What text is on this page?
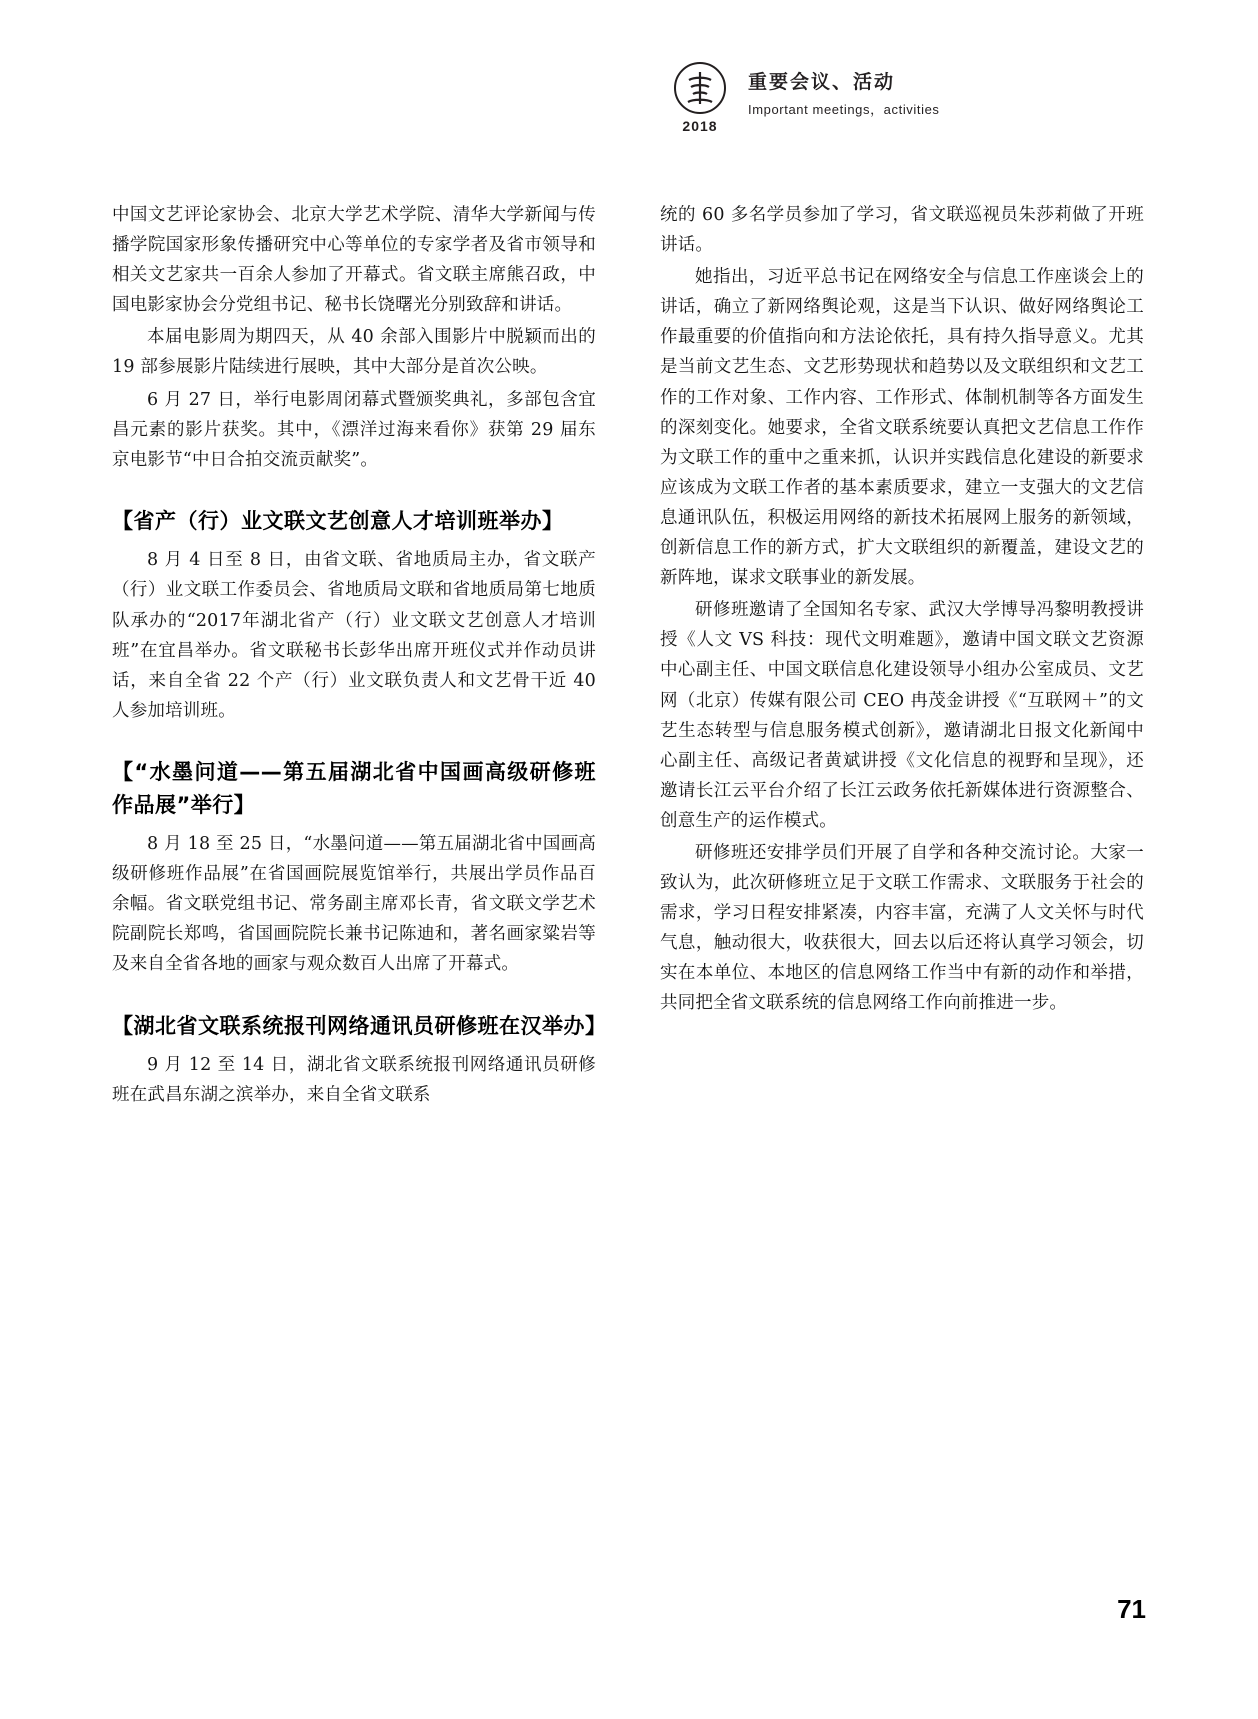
2018
重要会议、活动
Important meetings，activities

中国文艺评论家协会、北京大学艺术学院、清华大学新闻与传播学院国家形象传播研究中心等单位的专家学者及省市领导和相关文艺家共一百余人参加了开幕式。省文联主席熊召政，中国电影家协会分党组书记、秘书长饶曙光分别致辞和讲话。

本届电影周为期四天，从 40 余部入围影片中脱颖而出的 19 部参展影片陆续进行展映，其中大部分是首次公映。

6 月 27 日，举行电影周闭幕式暨颁奖典礼，多部包含宜昌元素的影片获奖。其中，《漂洋过海来看你》获第 29 届东京电影节“中日合拍交流贡献奖”。

【省产（行）业文联文艺创意人才培训班举办】

8 月 4 日至 8 日，由省文联、省地质局主办，省文联产（行）业文联工作委员会、省地质局文联和省地质局第七地质队承办的“2017年湖北省产（行）业文联文艺创意人才培训班”在宜昌举办。省文联秘书长彭华出席开班仪式并作动员讲话，来自全省 22 个产（行）业文联负责人和文艺骨干近 40 人参加培训班。

【“水墨问道——第五届湖北省中国画高级研修班作品展”举行】

8 月 18 至 25 日，“水墨问道——第五届湖北省中国画高级研修班作品展”在省国画院展览馆举行，共展出学员作品百余幅。省文联党组书记、常务副主席邓长青，省文联文学艺术院副院长郑鸣，省国画院院长兼书记陈迪和，著名画家粱岩等及来自全省各地的画家与观众数百人出席了开幕式。

【湖北省文联系统报刊网络通讯员研修班在汉举办】

9 月 12 至 14 日，湖北省文联系统报刊网络通讯员研修班在武昌东湖之滨举办，来自全省文联系

统的 60 多名学员参加了学习，省文联巡视员朱莎莉做了开班讲话。

她指出，习近平总书记在网络安全与信息工作座谈会上的讲话，确立了新网络舆论观，这是当下认识、做好网络舆论工作最重要的价值指向和方法论依托，具有持久指导意义。尤其是当前文艺生态、文艺形势现状和趋势以及文联组织和文艺工作的工作对象、工作内容、工作形式、体制机制等各方面发生的深刻变化。她要求，全省文联系统要认真把文艺信息工作作为文联工作的重中之重来抓，认识并实践信息化建设的新要求应该成为文联工作者的基本素质要求，建立一支强大的文艺信息通讯队伍，积极运用网络的新技术拓展网上服务的新领域，创新信息工作的新方式，扩大文联组织的新覆盖，建设文艺的新阵地，谋求文联事业的新发展。

研修班邀请了全国知名专家、武汉大学博导冯黎明教授讲授《人文 VS 科技：现代文明难题》，邀请中国文联文艺资源中心副主任、中国文联信息化建设领导小组办公室成员、文艺网（北京）传媒有限公司 CEO 冉茂金讲授《“互联网＋”的文艺生态转型与信息服务模式创新》，邀请湖北日报文化新闻中心副主任、高级记者黄斌讲授《文化信息的视野和呈现》，还邀请长江云平台介绍了长江云政务依托新媒体进行资源整合、创意生产的运作模式。

研修班还安排学员们开展了自学和各种交流讨论。大家一致认为，此次研修班立足于文联工作需求、文联服务于社会的需求，学习日程安排紧凑，内容丰富，充满了人文关怀与时代气息，触动很大，收获很大，回去以后还将认真学习领会，切实在本单位、本地区的信息网络工作当中有新的动作和举措，共同把全省文联系统的信息网络工作向前推进一步。

71
